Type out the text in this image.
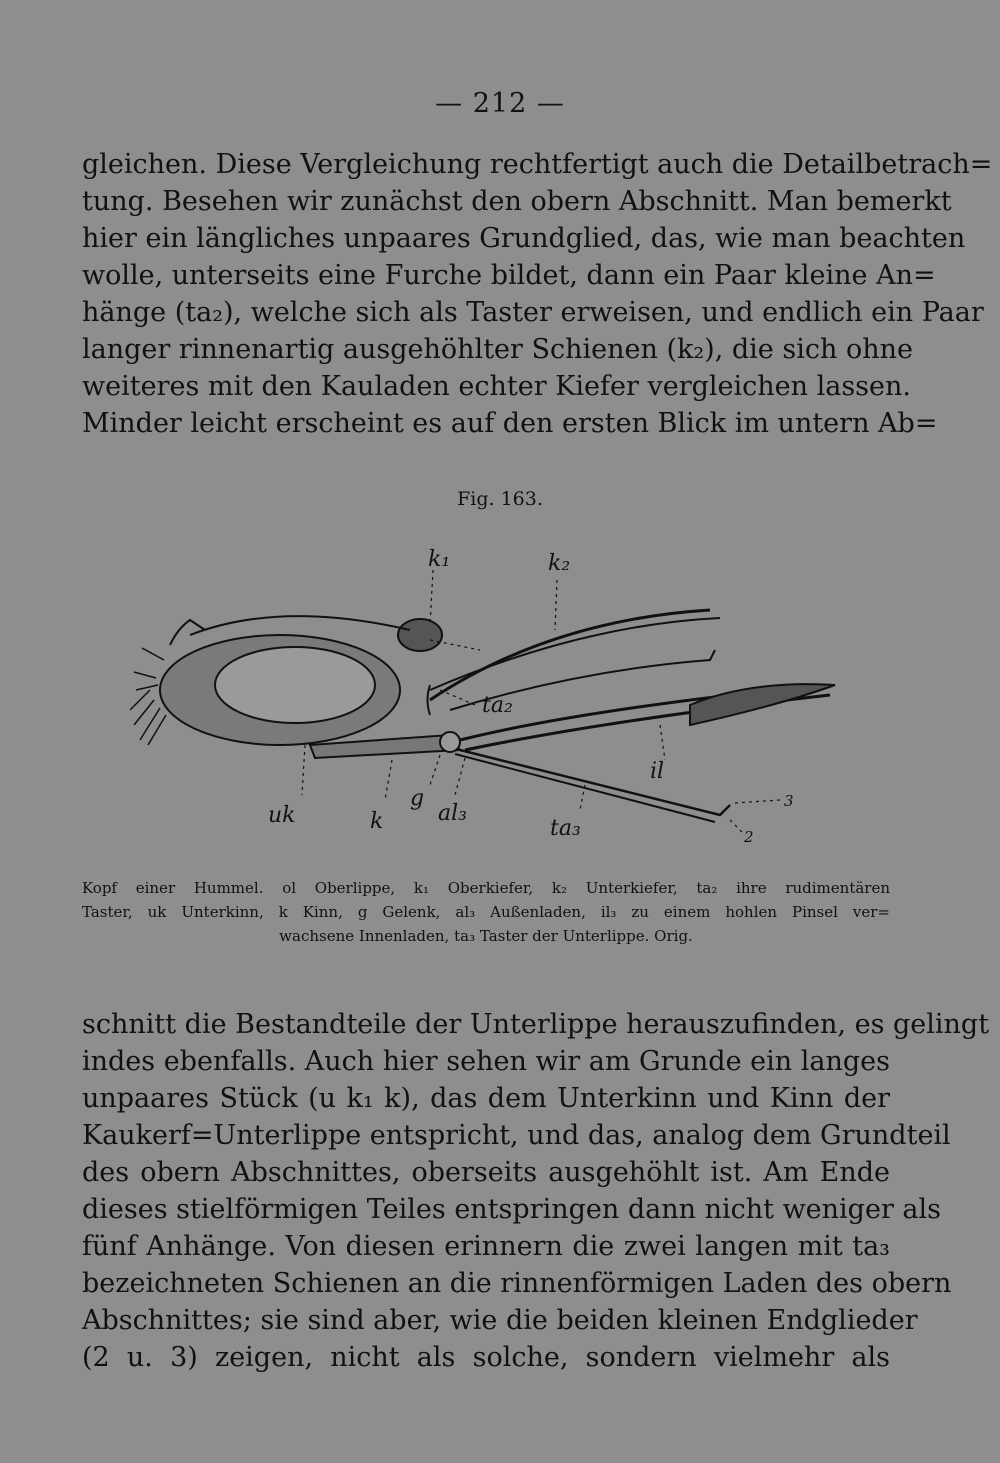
— 212 —

gleichen. Diese Vergleichung rechtfertigt auch die Detailbetrach=
tung. Besehen wir zunächst den obern Abschnitt. Man bemerkt
hier ein längliches unpaares Grundglied, das, wie man beachten
wolle, unterseits eine Furche bildet, dann ein Paar kleine An=
hänge (ta₂), welche sich als Taster erweisen, und endlich ein Paar
langer rinnenartig ausgehöhlter Schienen (k₂), die sich ohne
weiteres mit den Kauladen echter Kiefer vergleichen lassen.
Minder leicht erscheint es auf den ersten Blick im untern Ab=

Fig. 163.
k₁	k₂
ta₂
il
uk	k
g
al₃
ta₃
3
2

Kopf einer Hummel. ol Oberlippe, k₁ Oberkiefer, k₂ Unterkiefer, ta₂ ihre rudimentären
Taster, uk Unterkinn, k Kinn, g Gelenk, al₃ Außenladen, il₃ zu einem hohlen Pinsel ver=
wachsene Innenladen, ta₃ Taster der Unterlippe. Orig.

schnitt die Bestandteile der Unterlippe herauszufinden, es gelingt
indes ebenfalls. Auch hier sehen wir am Grunde ein langes
unpaares Stück (u k₁ k), das dem Unterkinn und Kinn der
Kaukerf=Unterlippe entspricht, und das, analog dem Grundteil
des obern Abschnittes, oberseits ausgehöhlt ist. Am Ende
dieses stielförmigen Teiles entspringen dann nicht weniger als
fünf Anhänge. Von diesen erinnern die zwei langen mit ta₃
bezeichneten Schienen an die rinnenförmigen Laden des obern
Abschnittes; sie sind aber, wie die beiden kleinen Endglieder
(2 u. 3) zeigen, nicht als solche, sondern vielmehr als
